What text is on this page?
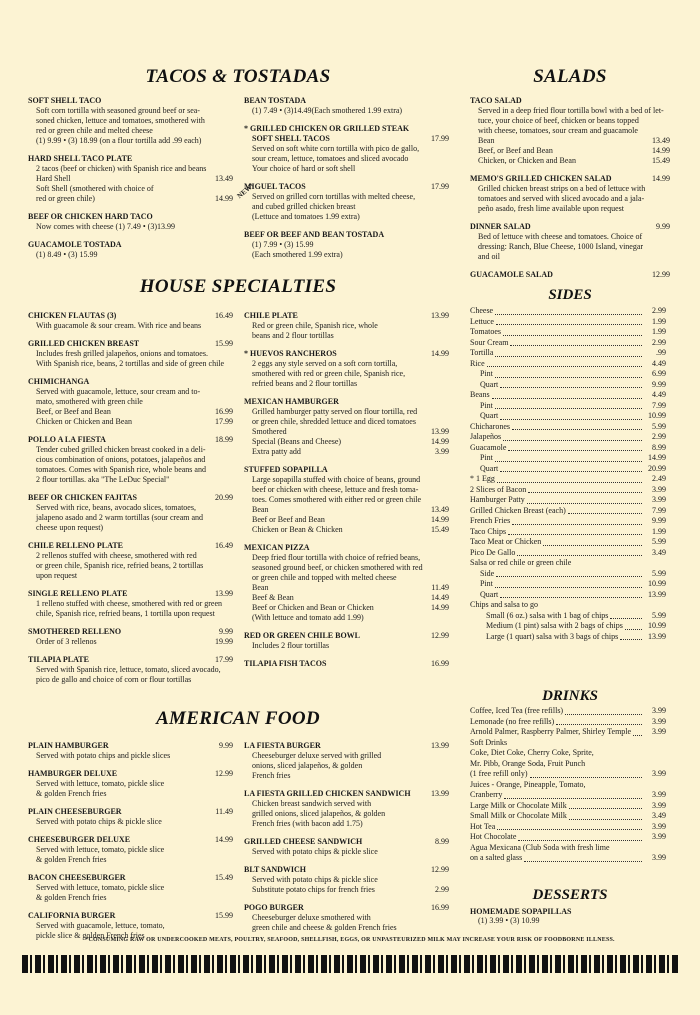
TACOS & TOSTADAS	SALADS
HOUSE SPECIALTIES	SIDES
AMERICAN FOOD
DRINKS
DESSERTS
NEW!
SOFT SHELL TACO
Soft corn tortilla with seasoned ground beef or sea-
soned chicken, lettuce and tomatoes, smothered with
red or green chile and melted cheese
(1) 9.99 • (3) 18.99 (on a flour tortilla add .99 each)
HARD SHELL TACO PLATE
2 tacos (beef or chicken) with Spanish rice and beans
Hard Shell	13.49
Soft Shell (smothered with choice of
red or green chile)	14.99
BEEF OR CHICKEN HARD TACO
Now comes with cheese (1) 7.49 • (3)13.99
GUACAMOLE TOSTADA
(1) 8.49 • (3) 15.99
BEAN TOSTADA
(1) 7.49 • (3)14.49(Each smothered 1.99 extra)
* GRILLED CHICKEN OR GRILLED STEAK
SOFT SHELL TACOS	17.99
Served on soft white corn tortilla with pico de gallo,
sour cream, lettuce, tomatoes and sliced avocado
Your choice of hard or soft shell
MIGUEL TACOS	17.99
Served on grilled corn tortillas with melted cheese,
and cubed grilled chicken breast
(Lettuce and tomatoes 1.99 extra)
BEEF OR BEEF AND BEAN TOSTADA
(1) 7.99 • (3) 15.99
(Each smothered 1.99 extra)
TACO SALAD
Served in a deep fried flour tortilla bowl with a bed of let-
tuce, your choice of beef, chicken or beans topped
with cheese, tomatoes, sour cream and guacamole
Bean	13.49
Beef, or Beef and Bean	14.99
Chicken, or Chicken and Bean	15.49
MEMO'S GRILLED CHICKEN SALAD	14.99
Grilled chicken breast strips on a bed of lettuce with
tomatoes and served with sliced avocado and a jala-
peño asado, fresh lime available upon request
DINNER SALAD	9.99
Bed of lettuce with cheese and tomatoes. Choice of
dressing: Ranch, Blue Cheese, 1000 Island, vinegar
and oil
GUACAMOLE SALAD	12.99
CHICKEN FLAUTAS (3)	16.49
With guacamole & sour cream. With rice and beans
GRILLED CHICKEN BREAST	15.99
Includes fresh grilled jalapeños, onions and tomatoes.
With Spanish rice, beans, 2 tortillas and side of green chile
CHIMICHANGA
Served with guacamole, lettuce, sour cream and to-
mato, smothered with green chile
Beef, or Beef and Bean	16.99
Chicken or Chicken and Bean	17.99
POLLO A LA FIESTA	18.99
Tender cubed grilled chicken breast cooked in a deli-
cious combination of onions, potatoes, jalapeños and
tomatoes. Comes with Spanish rice, whole beans and
2 flour tortillas. aka "The LeDuc Special"
BEEF OR CHICKEN FAJITAS	20.99
Served with rice, beans, avocado slices, tomatoes,
jalapeno asado and 2 warm tortillas (sour cream and
cheese upon request)
CHILE RELLENO PLATE	16.49
2 rellenos stuffed with cheese, smothered with red
or green chile, Spanish rice, refried beans, 2 tortillas
upon request
SINGLE RELLENO PLATE	13.99
1 relleno stuffed with cheese, smothered with red or green
chile, Spanish rice, refried beans, 1 tortilla upon request
SMOTHERED RELLENO	9.99
Order of 3 rellenos	19.99
TILAPIA PLATE	17.99
Served with Spanish rice, lettuce, tomato, sliced avocado,
pico de gallo and choice of corn or flour tortillas
CHILE PLATE	13.99
Red or green chile, Spanish rice, whole
beans and 2 flour tortillas
* HUEVOS RANCHEROS	14.99
2 eggs any style served on a soft corn tortilla,
smothered with red or green chile, Spanish rice,
refried beans and 2 flour tortillas
MEXICAN HAMBURGER
Grilled hamburger patty served on flour tortilla, red
or green chile, shredded lettuce and diced tomatoes
Smothered	13.99
Special (Beans and Cheese)	14.99
Extra patty add	3.99
STUFFED SOPAPILLA
Large sopapilla stuffed with choice of beans, ground
beef or chicken with cheese, lettuce and fresh toma-
toes. Comes smothered with either red or green chile
Bean	13.49
Beef or Beef and Bean	14.99
Chicken or Bean & Chicken	15.49
MEXICAN PIZZA
Deep fried flour tortilla with choice of refried beans,
seasoned ground beef, or chicken smothered with red
or green chile and topped with melted cheese
Bean	11.49
Beef & Bean	14.49
Beef or Chicken and Bean or Chicken	14.99
(With lettuce and tomato add 1.99)
RED OR GREEN CHILE BOWL	12.99
Includes 2 flour tortillas
TILAPIA FISH TACOS	16.99
PLAIN HAMBURGER	9.99
Served with potato chips and pickle slices
HAMBURGER DELUXE	12.99
Served with lettuce, tomato, pickle slice
& golden French fries
PLAIN CHEESEBURGER	11.49
Served with potato chips & pickle slice
CHEESEBURGER DELUXE	14.99
Served with lettuce, tomato, pickle slice
& golden French fries
BACON CHEESEBURGER	15.49
Served with lettuce, tomato, pickle slice
& golden French fries
CALIFORNIA BURGER	15.99
Served with guacamole, lettuce, tomato,
pickle slice & golden French fries
LA FIESTA BURGER	13.99
Cheeseburger deluxe served with grilled
onions, sliced jalapeños, & golden
French fries
LA FIESTA GRILLED CHICKEN SANDWICH	13.99
Chicken breast sandwich served with
grilled onions, sliced jalapeños, & golden
French fries (with bacon add 1.75)
GRILLED CHEESE SANDWICH	8.99
Served with potato chips & pickle slice
BLT SANDWICH	12.99
Served with potato chips & pickle slice
Substitute potato chips for french fries	2.99
POGO BURGER	16.99
Cheeseburger deluxe smothered with
green chile and cheese & golden French fries
Cheese	2.99
Lettuce	1.99
Tomatoes	1.99
Sour Cream	2.99
Tortilla	.99
Rice	4.49
Pint	6.99
Quart	9.99
Beans	4.49
Pint	7.99
Quart	10.99
Chicharones	5.99
Jalapeños	2.99
Guacamole	8.99
Pint	14.99
Quart	20.99
* 1 Egg	2.49
2 Slices of Bacon	3.99
Hamburger Patty	3.99
Grilled Chicken Breast (each)	7.99
French Fries	9.99
Taco Chips	1.99
Taco Meat or Chicken	5.99
Pico De Gallo	3.49
Salsa or red chile or green chile
Side	5.99
Pint	10.99
Quart	13.99
Chips and salsa to go
Small (6 oz.) salsa with 1 bag of chips	5.99
Medium (1 pint) salsa with 2 bags of chips	10.99
Large (1 quart) salsa with 3 bags of chips	13.99
Coffee, Iced Tea (free refills)	3.99
Lemonade (no free refills)	3.99
Arnold Palmer, Raspberry Palmer, Shirley Temple	3.99
Soft Drinks
Coke, Diet Coke, Cherry Coke, Sprite,
Mr. Pibb, Orange Soda, Fruit Punch
(1 free refill only)	3.99
Juices - Orange, Pineapple, Tomato,
Cranberry	3.99
Large Milk or Chocolate Milk	3.99
Small Milk or Chocolate Milk	3.49
Hot Tea	3.99
Hot Chocolate	3.99
Agua Mexicana (Club Soda with fresh lime
on a salted glass	3.99
HOMEMADE SOPAPILLAS
(1) 3.99 • (3) 10.99
*CONSUMING RAW OR UNDERCOOKED MEATS, POULTRY, SEAFOOD, SHELLFISH, EGGS, OR UNPASTEURIZED MILK MAY INCREASE YOUR RISK OF FOODBORNE ILLNESS.
